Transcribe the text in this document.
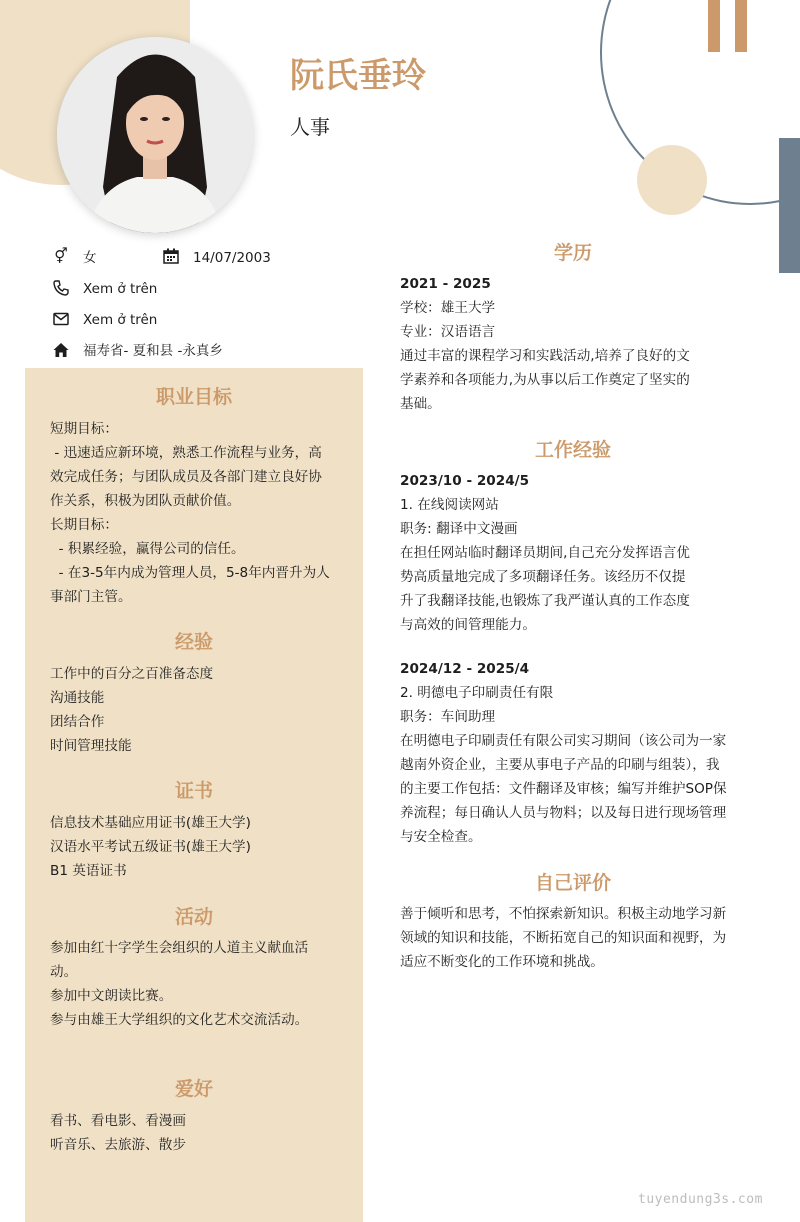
阮氏垂玲
人事
⚥ 女	14/07/2003
Xem ở trên
Xem ở trên
福寿省- 夏和县 -永真乡
职业目标
短期目标：
- 迅速适应新环境，熟悉工作流程与业务，高
效完成任务；与团队成员及各部门建立良好协
作关系，积极为团队贡献价值。
长期目标：
- 积累经验，赢得公司的信任。
- 在3-5年内成为管理人员，5-8年内晋升为人
事部门主管。
经验
工作中的百分之百准备态度
沟通技能
团结合作
时间管理技能
证书
信息技术基础应用证书(雄王大学)
汉语水平考试五级证书(雄王大学)
B1 英语证书
活动
参加由红十字学生会组织的人道主义献血活
动。
参加中文朗读比赛。
参与由雄王大学组织的文化艺术交流活动。
爱好
看书、看电影、看漫画
听音乐、去旅游、散步
学历
2021 - 2025
学校：雄王大学
专业：汉语语言
通过丰富的课程学习和实践活动,培养了良好的文
学素养和各项能力,为从事以后工作奠定了坚实的
基础。
工作经验
2023/10 - 2024/5
1. 在线阅读网站
职务: 翻译中文漫画
在担任网站临时翻译员期间,自己充分发挥语言优
势高质量地完成了多项翻译任务。该经历不仅提
升了我翻译技能,也锻炼了我严谨认真的工作态度
与高效的间管理能力。
2024/12 - 2025/4
2. 明德电子印刷责任有限
职务：车间助理
在明德电子印刷责任有限公司实习期间（该公司为一家
越南外资企业，主要从事电子产品的印刷与组装），我
的主要工作包括：文件翻译及审核；编写并维护SOP保
养流程；每日确认人员与物料；以及每日进行现场管理
与安全检查。
自己评价
善于倾听和思考，不怕探索新知识。积极主动地学习新
领域的知识和技能，不断拓宽自己的知识面和视野，为
适应不断变化的工作环境和挑战。
tuyendung3s.com
